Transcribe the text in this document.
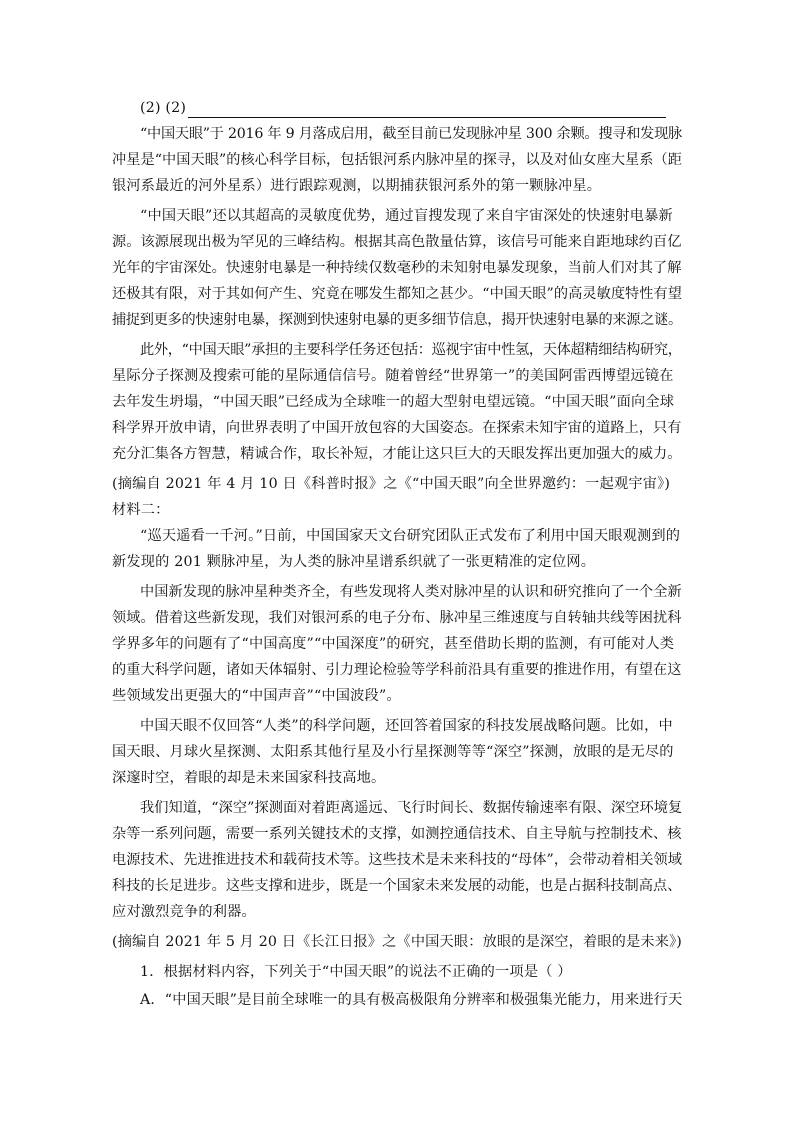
(2) (2)
“中国天眼”于 2016 年 9 月落成启用，截至目前已发现脉冲星 300 余颗。搜寻和发现脉
冲星是“中国天眼”的核心科学目标，包括银河系内脉冲星的探寻，以及对仙女座大星系（距
银河系最近的河外星系）进行跟踪观测，以期捕获银河系外的第一颗脉冲星。
“中国天眼”还以其超高的灵敏度优势，通过盲搜发现了来自宇宙深处的快速射电暴新
源。该源展现出极为罕见的三峰结构。根据其高色散量估算，该信号可能来自距地球约百亿
光年的宇宙深处。快速射电暴是一种持续仅数毫秒的未知射电暴发现象，当前人们对其了解
还极其有限，对于其如何产生、究竟在哪发生都知之甚少。“中国天眼”的高灵敏度特性有望
捕捉到更多的快速射电暴，探测到快速射电暴的更多细节信息，揭开快速射电暴的来源之谜。
此外，“中国天眼”承担的主要科学任务还包括：巡视宇宙中性氢，天体超精细结构研究，
星际分子探测及搜索可能的星际通信信号。随着曾经“世界第一”的美国阿雷西博望远镜在
去年发生坍塌，“中国天眼”已经成为全球唯一的超大型射电望远镜。“中国天眼”面向全球
科学界开放申请，向世界表明了中国开放包容的大国姿态。在探索未知宇宙的道路上，只有
充分汇集各方智慧，精诚合作，取长补短，才能让这只巨大的天眼发挥出更加强大的威力。
(摘编自 2021 年 4 月 10 日《科普时报》之《“中国天眼”向全世界邀约：一起观宇宙》)
材料二：
“巡天遥看一千河。”日前，中国国家天文台研究团队正式发布了利用中国天眼观测到的
新发现的 201 颗脉冲星，为人类的脉冲星谱系织就了一张更精准的定位网。
中国新发现的脉冲星种类齐全，有些发现将人类对脉冲星的认识和研究推向了一个全新
领域。借着这些新发现，我们对银河系的电子分布、脉冲星三维速度与自转轴共线等困扰科
学界多年的问题有了“中国高度”“中国深度”的研究，甚至借助长期的监测，有可能对人类
的重大科学问题，诸如天体辐射、引力理论检验等学科前沿具有重要的推进作用，有望在这
些领域发出更强大的“中国声音”“中国波段”。
中国天眼不仅回答“人类”的科学问题，还回答着国家的科技发展战略问题。比如，中
国天眼、月球火星探测、太阳系其他行星及小行星探测等等“深空”探测，放眼的是无尽的
深邃时空，着眼的却是未来国家科技高地。
我们知道，“深空”探测面对着距离遥远、飞行时间长、数据传输速率有限、深空环境复
杂等一系列问题，需要一系列关键技术的支撑，如测控通信技术、自主导航与控制技术、核
电源技术、先进推进技术和载荷技术等。这些技术是未来科技的“母体”，会带动着相关领域
科技的长足进步。这些支撑和进步，既是一个国家未来发展的动能，也是占据科技制高点、
应对激烈竞争的利器。
(摘编自 2021 年 5 月 20 日《长江日报》之《中国天眼：放眼的是深空，着眼的是未来》)
1．根据材料内容，下列关于“中国天眼”的说法不正确的一项是（ ）
A．“中国天眼”是目前全球唯一的具有极高极限角分辨率和极强集光能力，用来进行天
